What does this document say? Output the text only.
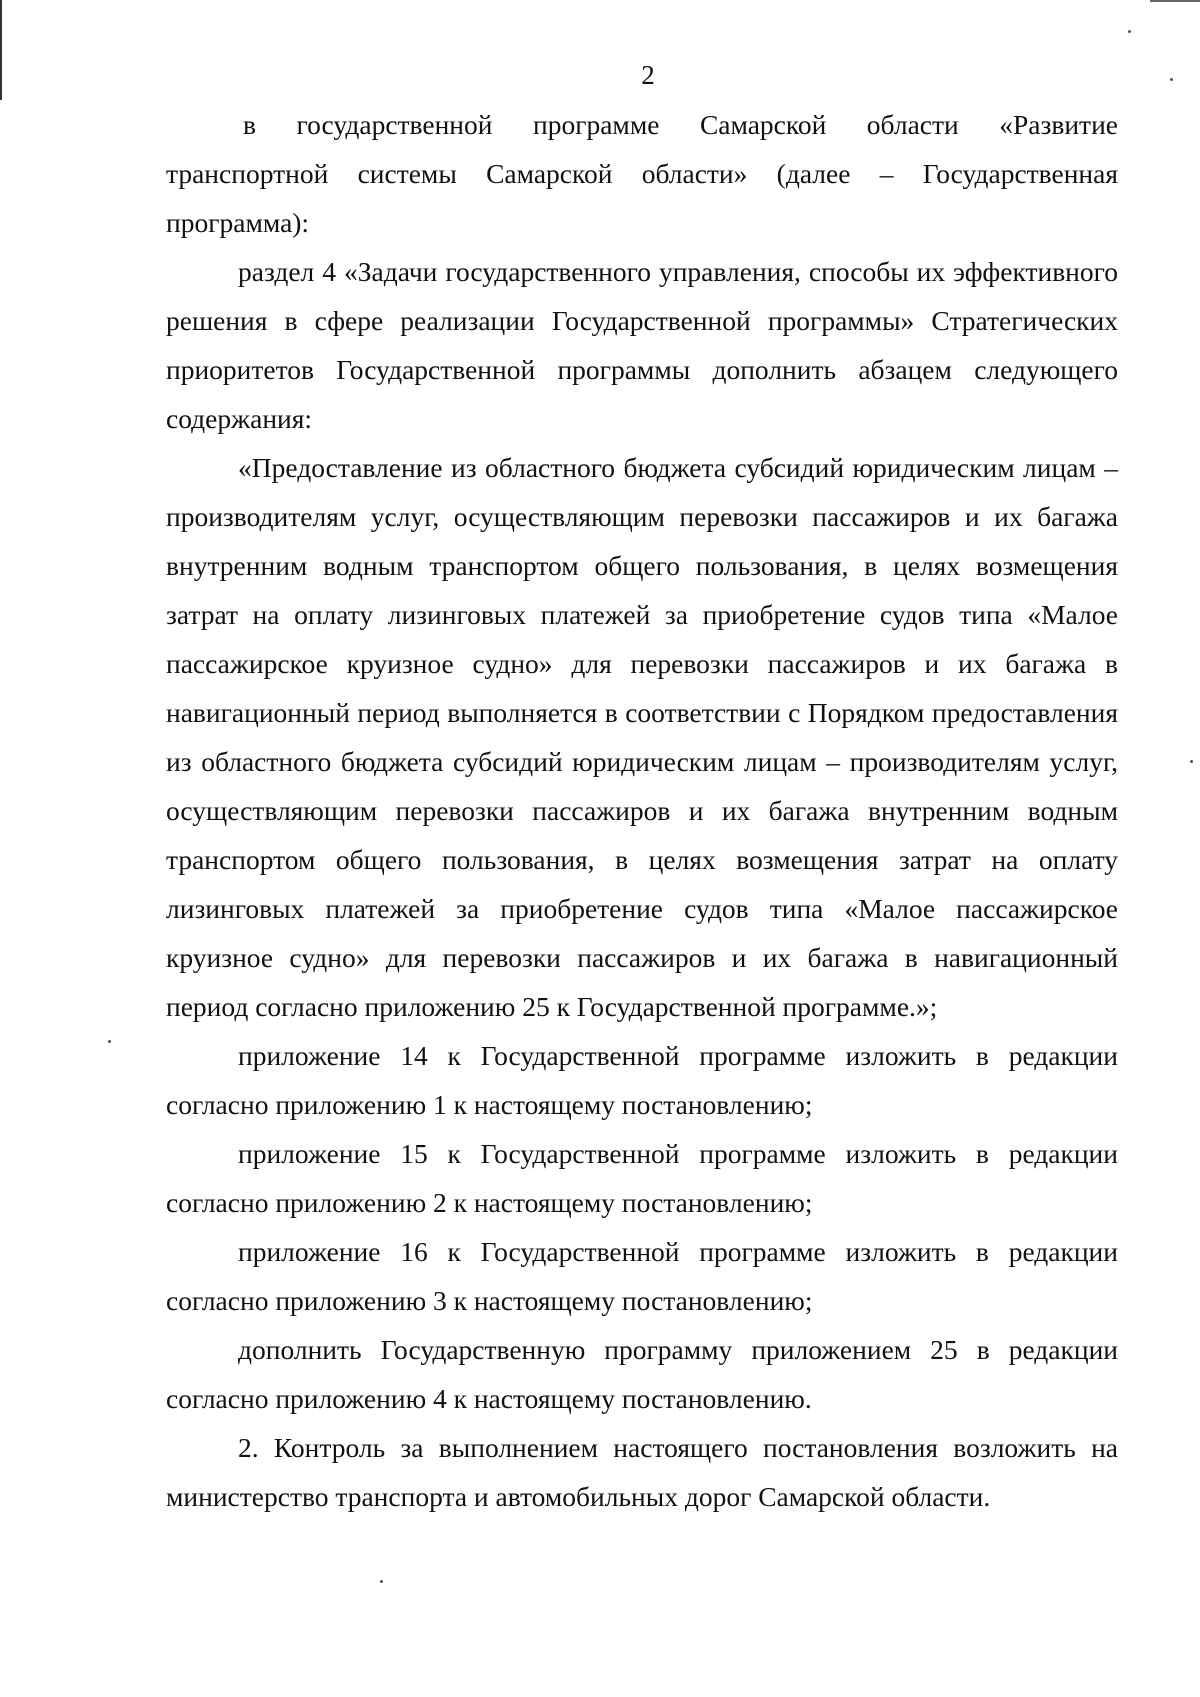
2

в государственной программе Самарской области «Развитие транспортной системы Самарской области» (далее – Государственная программа):

раздел 4 «Задачи государственного управления, способы их эффективного решения в сфере реализации Государственной программы» Стратегических приоритетов Государственной программы дополнить абзацем следующего содержания:

«Предоставление из областного бюджета субсидий юридическим лицам – производителям услуг, осуществляющим перевозки пассажиров и их багажа внутренним водным транспортом общего пользования, в целях возмещения затрат на оплату лизинговых платежей за приобретение судов типа «Малое пассажирское круизное судно» для перевозки пассажиров и их багажа в навигационный период выполняется в соответствии с Порядком предоставления из областного бюджета субсидий юридическим лицам – производителям услуг, осуществляющим перевозки пассажиров и их багажа внутренним водным транспортом общего пользования, в целях возмещения затрат на оплату лизинговых платежей за приобретение судов типа «Малое пассажирское круизное судно» для перевозки пассажиров и их багажа в навигационный период согласно приложению 25 к Государственной программе.»;

приложение 14 к Государственной программе изложить в редакции согласно приложению 1 к настоящему постановлению;

приложение 15 к Государственной программе изложить в редакции согласно приложению 2 к настоящему постановлению;

приложение 16 к Государственной программе изложить в редакции согласно приложению 3 к настоящему постановлению;

дополнить Государственную программу приложением 25 в редакции согласно приложению 4 к настоящему постановлению.

2. Контроль за выполнением настоящего постановления возложить на министерство транспорта и автомобильных дорог Самарской области.
